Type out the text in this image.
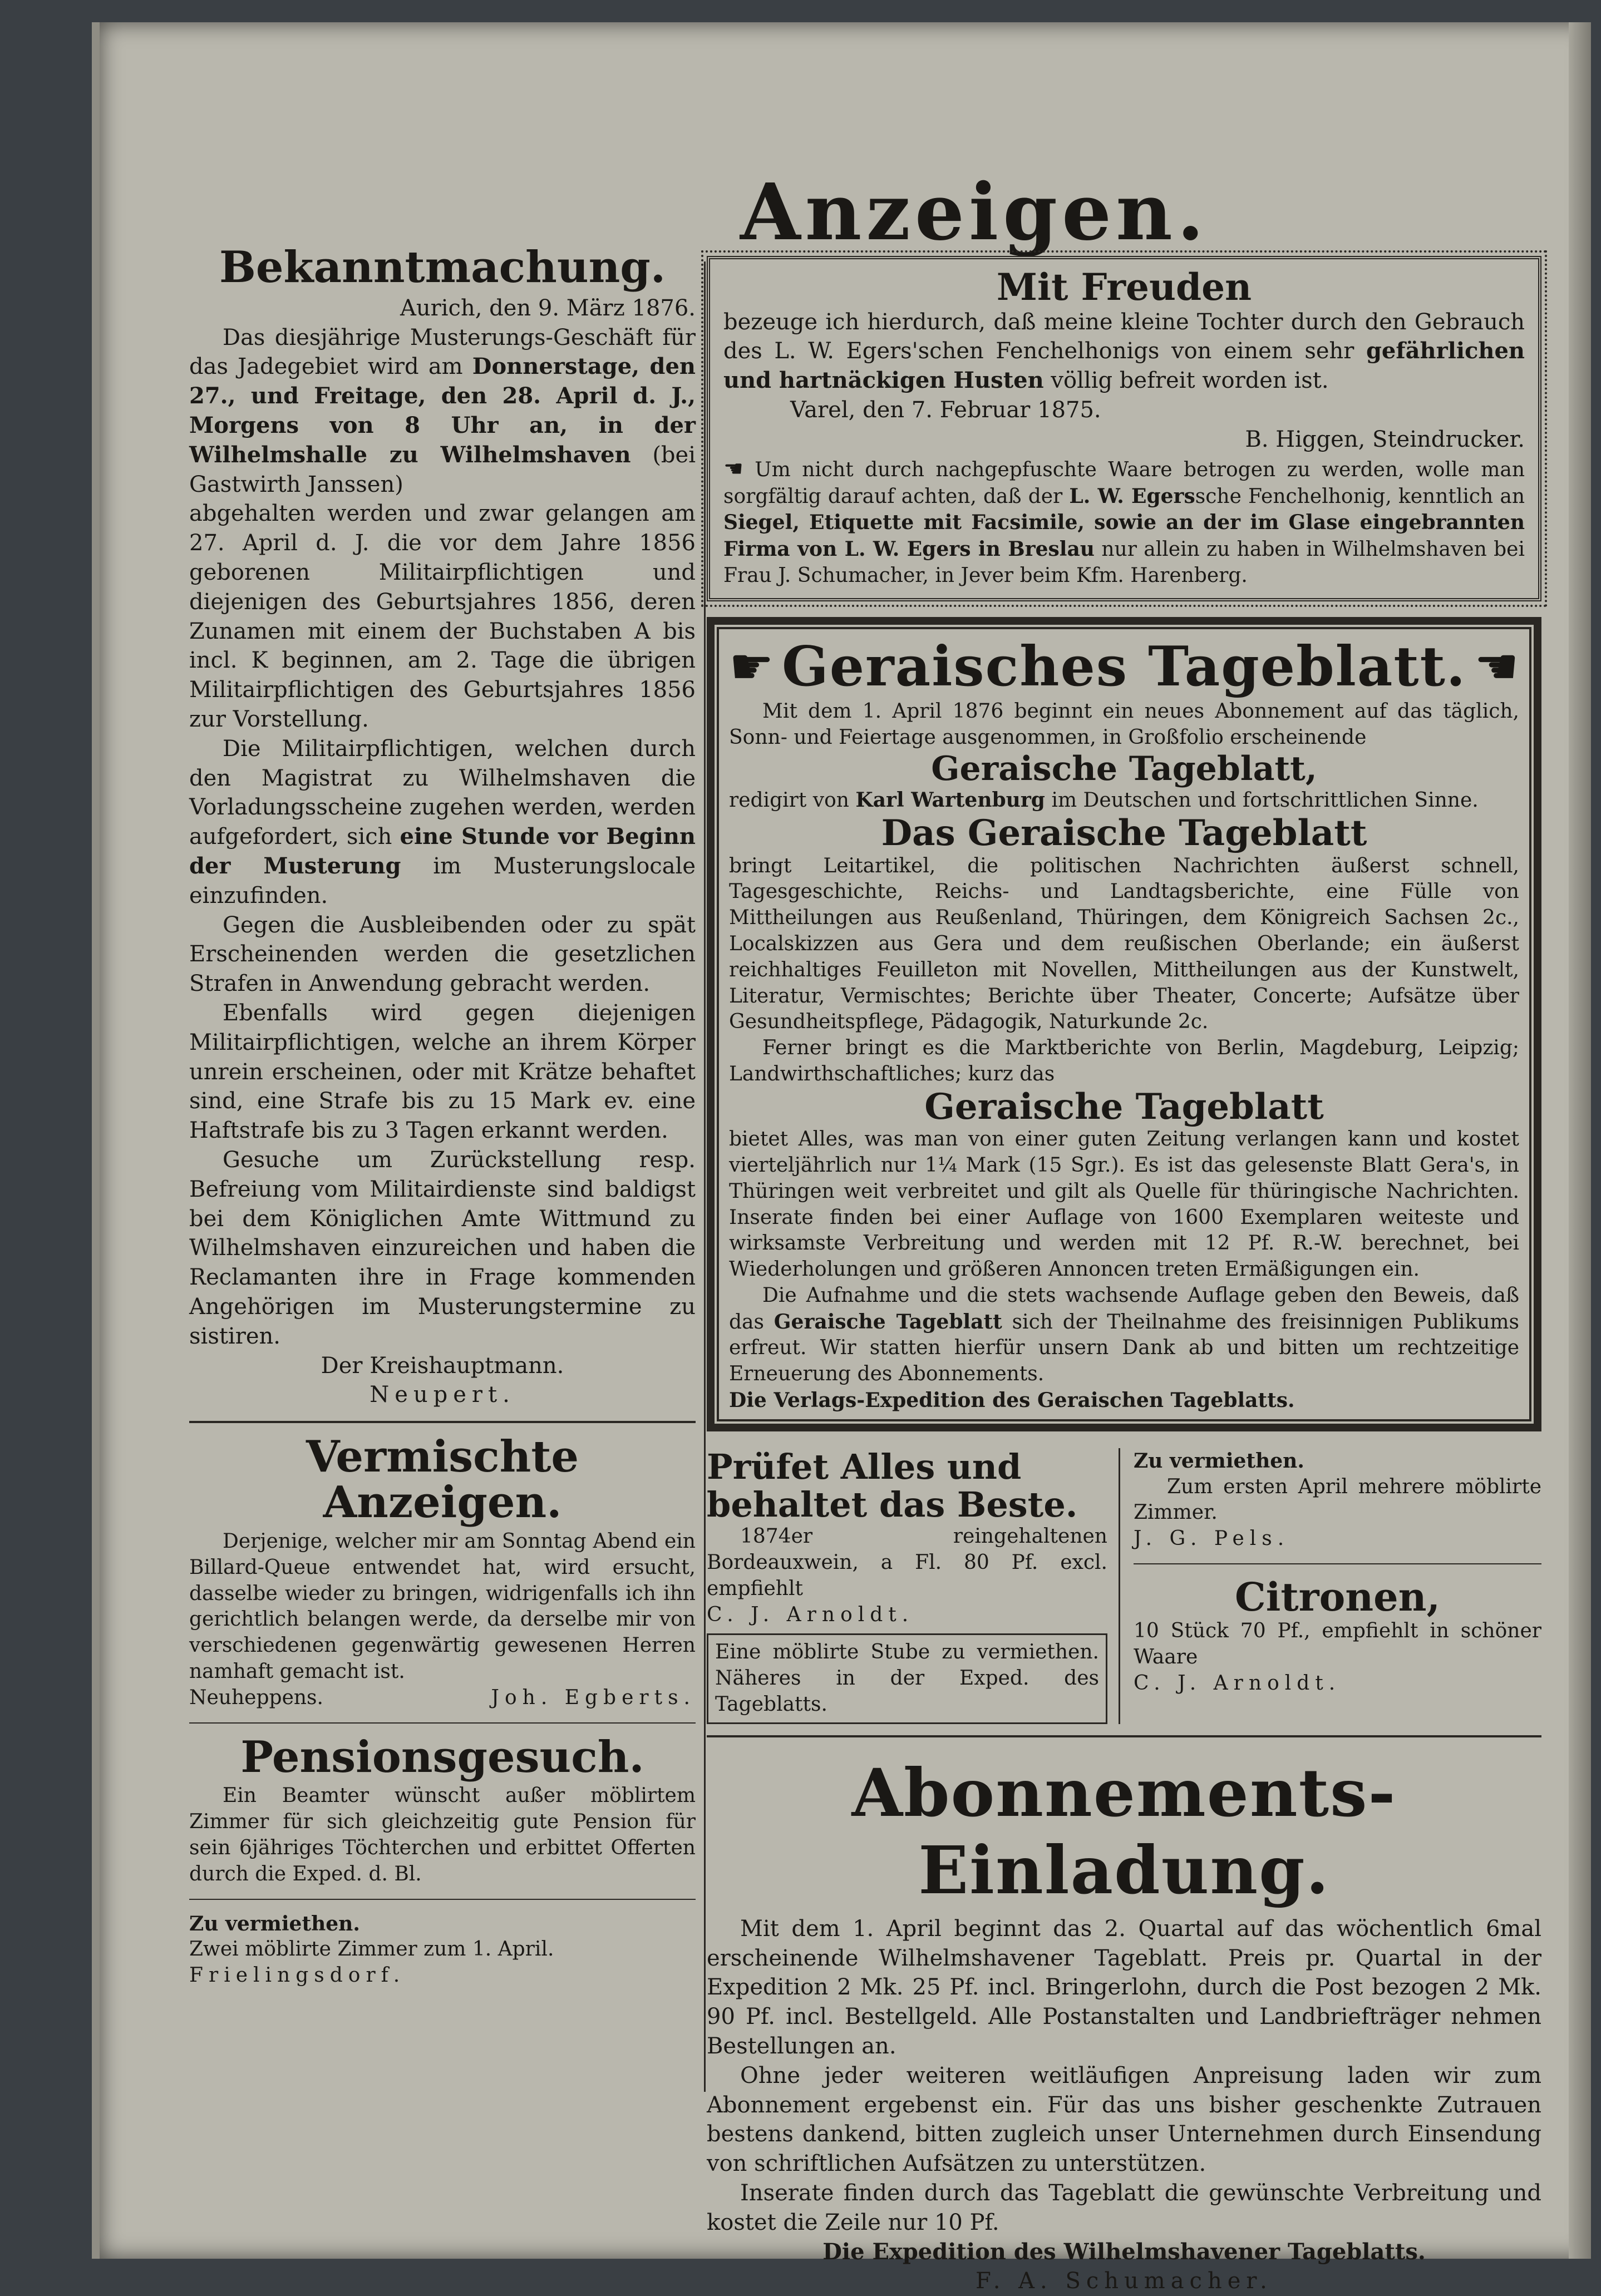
Anzeigen.
Bekanntmachung.

Aurich, den 9. März 1876.

Das diesjährige Musterungs-Geschäft für das Jadegebiet wird am Donnerstage, den 27., und Freitage, den 28. April d. J., Morgens von 8 Uhr an, in der Wilhelmshalle zu Wilhelmshaven (bei Gastwirth Janssen)

abgehalten werden und zwar gelangen am 27. April d. J. die vor dem Jahre 1856 geborenen Militairpflichtigen und diejenigen des Geburtsjahres 1856, deren Zunamen mit einem der Buchstaben A bis incl. K beginnen, am 2. Tage die übrigen Militairpflichtigen des Geburtsjahres 1856 zur Vorstellung.

Die Militairpflichtigen, welchen durch den Magistrat zu Wilhelmshaven die Vorladungsscheine zugehen werden, werden aufgefordert, sich eine Stunde vor Beginn der Musterung im Musterungslocale einzufinden.

Gegen die Ausbleibenden oder zu spät Erscheinenden werden die gesetzlichen Strafen in Anwendung gebracht werden.

Ebenfalls wird gegen diejenigen Militairpflichtigen, welche an ihrem Körper unrein erscheinen, oder mit Krätze behaftet sind, eine Strafe bis zu 15 Mark ev. eine Haftstrafe bis zu 3 Tagen erkannt werden.

Gesuche um Zurückstellung resp. Befreiung vom Militairdienste sind baldigst bei dem Königlichen Amte Wittmund zu Wilhelmshaven einzureichen und haben die Reclamanten ihre in Frage kommenden Angehörigen im Musterungstermine zu sistiren.

Der Kreishauptmann.

Neupert.

Vermischte Anzeigen.

Derjenige, welcher mir am Sonntag Abend ein Billard-Queue entwendet hat, wird ersucht, dasselbe wieder zu bringen, widrigenfalls ich ihn gerichtlich belangen werde, da derselbe mir von verschiedenen gegenwärtig gewesenen Herren namhaft gemacht ist.

Neuheppens.	Joh. Egberts.
Pensionsgesuch.

Ein Beamter wünscht außer möblirtem Zimmer für sich gleichzeitig gute Pension für sein 6jähriges Töchterchen und erbittet Offerten durch die Exped. d. Bl.

Zu vermiethen.

Zwei möblirte Zimmer zum 1. April.

Frielingsdorf.

Mit Freuden

bezeuge ich hierdurch, daß meine kleine Tochter durch den Gebrauch des L. W. Egers'schen Fenchelhonigs von einem sehr gefährlichen und hartnäckigen Husten völlig befreit worden ist.

Varel, den 7. Februar 1875.

B. Higgen, Steindrucker.

☛ Um nicht durch nachgepfuschte Waare betrogen zu werden, wolle man sorgfältig darauf achten, daß der L. W. Egerssche Fenchelhonig, kenntlich an Siegel, Etiquette mit Facsimile, sowie an der im Glase eingebrannten Firma von L. W. Egers in Breslau nur allein zu haben in Wilhelmshaven bei Frau J. Schumacher, in Jever beim Kfm. Harenberg.

☛ Geraisches Tageblatt. ☛

Mit dem 1. April 1876 beginnt ein neues Abonnement auf das täglich, Sonn- und Feiertage ausgenommen, in Großfolio erscheinende

Geraische Tageblatt,

redigirt von Karl Wartenburg im Deutschen und fortschrittlichen Sinne.

Das Geraische Tageblatt

bringt Leitartikel, die politischen Nachrichten äußerst schnell, Tagesgeschichte, Reichs- und Landtagsberichte, eine Fülle von Mittheilungen aus Reußenland, Thüringen, dem Königreich Sachsen 2c., Localskizzen aus Gera und dem reußischen Oberlande; ein äußerst reichhaltiges Feuilleton mit Novellen, Mittheilungen aus der Kunstwelt, Literatur, Vermischtes; Berichte über Theater, Concerte; Aufsätze über Gesundheitspflege, Pädagogik, Naturkunde 2c.

Ferner bringt es die Marktberichte von Berlin, Magdeburg, Leipzig; Landwirthschaftliches; kurz das

Geraische Tageblatt

bietet Alles, was man von einer guten Zeitung verlangen kann und kostet vierteljährlich nur 1¼ Mark (15 Sgr.). Es ist das gelesenste Blatt Gera's, in Thüringen weit verbreitet und gilt als Quelle für thüringische Nachrichten. Inserate finden bei einer Auflage von 1600 Exemplaren weiteste und wirksamste Verbreitung und werden mit 12 Pf. R.-W. berechnet, bei Wiederholungen und größeren Annoncen treten Ermäßigungen ein.

Die Aufnahme und die stets wachsende Auflage geben den Beweis, daß das Geraische Tageblatt sich der Theilnahme des freisinnigen Publikums erfreut. Wir statten hierfür unsern Dank ab und bitten um rechtzeitige Erneuerung des Abonnements.

Die Verlags-Expedition des Geraischen Tageblatts.

Prüfet Alles und behaltet das Beste.

1874er reingehaltenen Bordeauxwein, a Fl. 80 Pf. excl. empfiehlt

C. J. Arnoldt.

Eine möblirte Stube zu vermiethen. Näheres in der Exped. des Tageblatts.

Zu vermiethen.

Zum ersten April mehrere möblirte Zimmer.

J. G. Pels.

Citronen,

10 Stück 70 Pf., empfiehlt in schöner Waare

C. J. Arnoldt.

Abonnements-Einladung.

Mit dem 1. April beginnt das 2. Quartal auf das wöchentlich 6mal erscheinende Wilhelmshavener Tageblatt. Preis pr. Quartal in der Expedition 2 Mk. 25 Pf. incl. Bringerlohn, durch die Post bezogen 2 Mk. 90 Pf. incl. Bestellgeld. Alle Postanstalten und Landbriefträger nehmen Bestellungen an.

Ohne jeder weiteren weitläufigen Anpreisung laden wir zum Abonnement ergebenst ein. Für das uns bisher geschenkte Zutrauen bestens dankend, bitten zugleich unser Unternehmen durch Einsendung von schriftlichen Aufsätzen zu unterstützen.

Inserate finden durch das Tageblatt die gewünschte Verbreitung und kostet die Zeile nur 10 Pf.

Die Expedition des Wilhelmshavener Tageblatts.

F. A. Schumacher.
